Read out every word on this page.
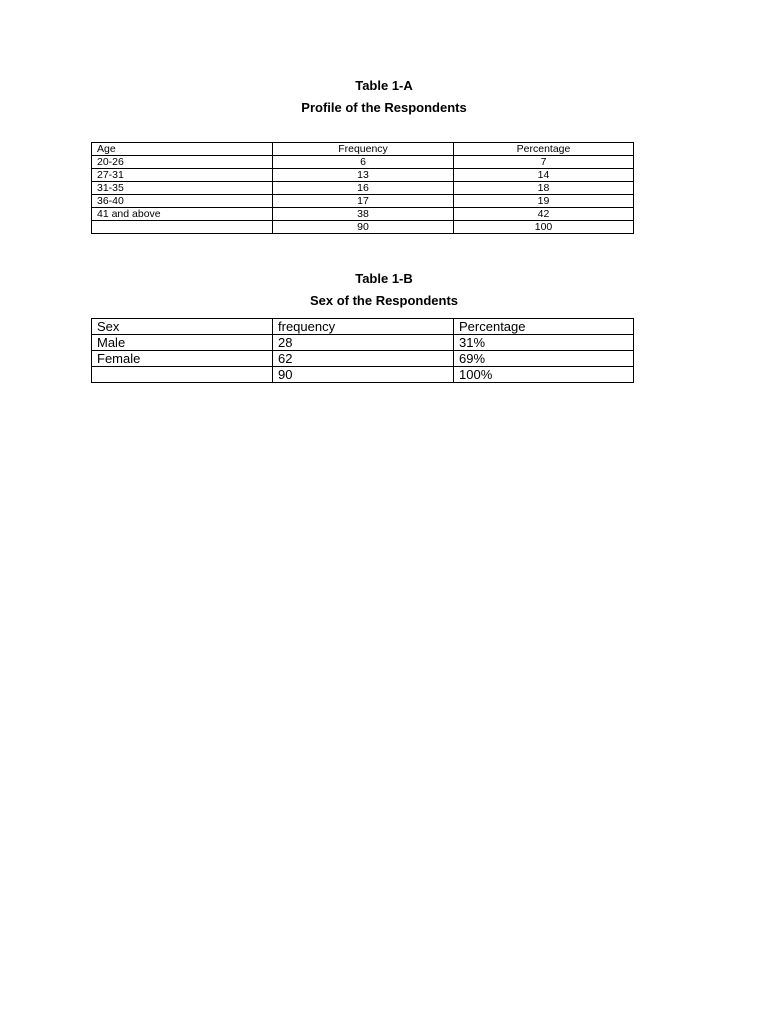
Table 1-A

Profile of the Respondents

Age	Frequency	Percentage
20-26	6	7
27-31	13	14
31-35	16	18
36-40	17	19
41 and above	38	42
	90	100

Table 1-B

Sex of the Respondents

Sex	frequency	Percentage
Male	28	31%
Female	62	69%
	90	100%
